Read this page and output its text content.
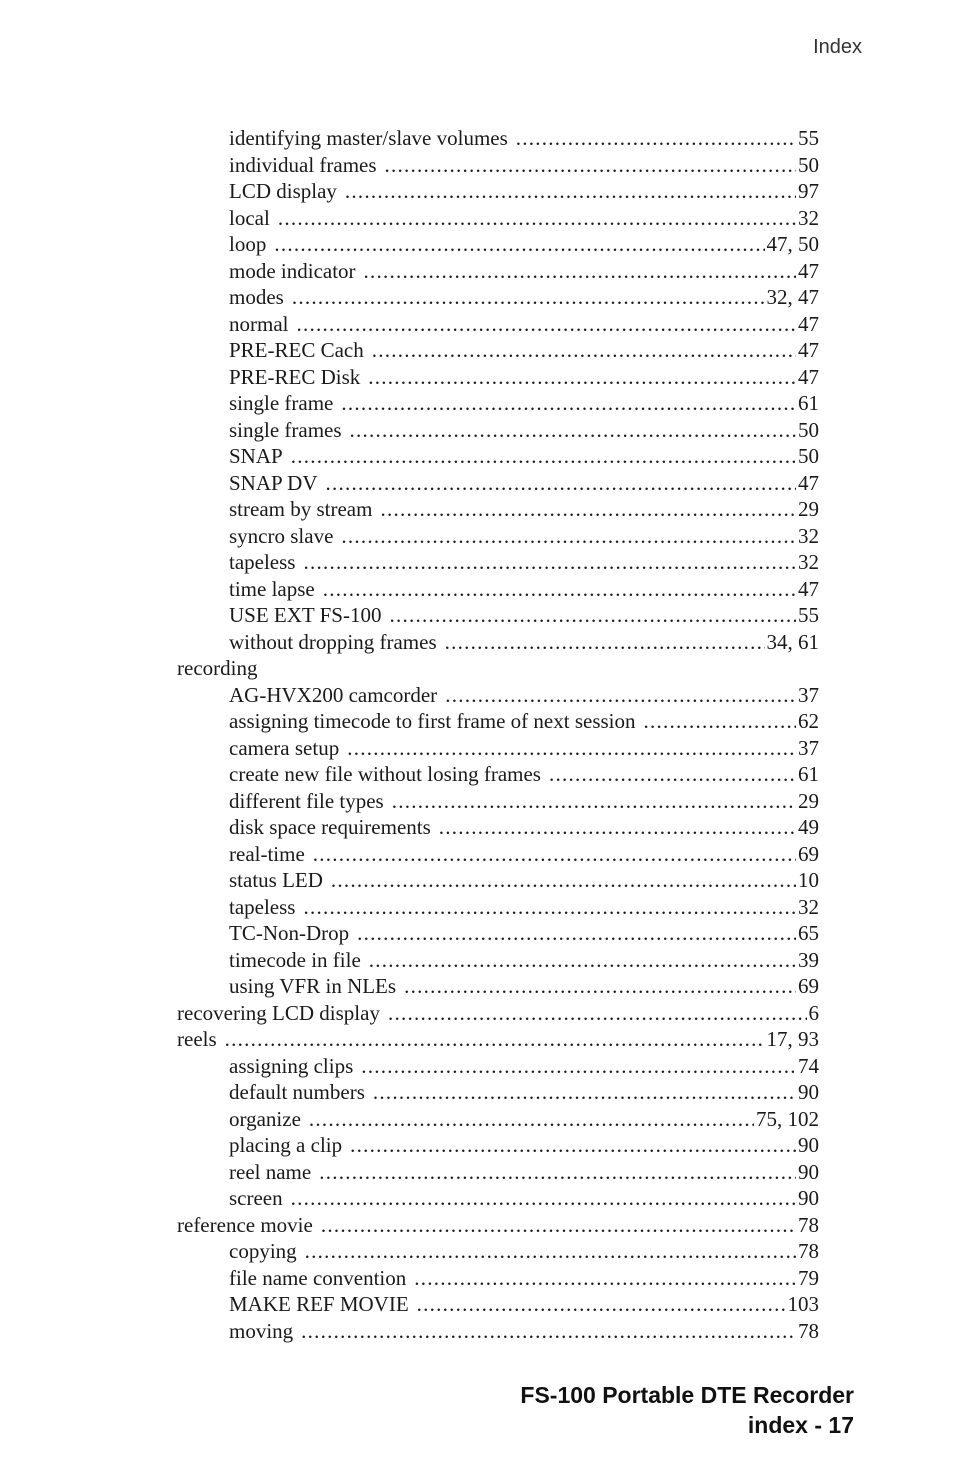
Index
identifying master/slave volumes . . .	55
individual frames . . .	50
LCD display . . .	97
local . . .	32
loop . . .	47, 50
mode indicator . . .	47
modes . . .	32, 47
normal . . .	47
PRE-REC Cach . . .	47
PRE-REC Disk . . .	47
single frame . . .	61
single frames . . .	50
SNAP . . .	50
SNAP DV . . .	47
stream by stream . . .	29
syncro slave . . .	32
tapeless . . .	32
time lapse . . .	47
USE EXT FS-100 . . .	55
without dropping frames . . .	34, 61
recording
AG-HVX200 camcorder . . .	37
assigning timecode to first frame of next session . . .	62
camera setup . . .	37
create new file without losing frames . . .	61
different file types . . .	29
disk space requirements . . .	49
real-time . . .	69
status LED . . .	10
tapeless . . .	32
TC-Non-Drop . . .	65
timecode in file . . .	39
using VFR in NLEs . . .	69
recovering LCD display . . .	6
reels . . .	17, 93
assigning clips . . .	74
default numbers . . .	90
organize . . .	75, 102
placing a clip . . .	90
reel name . . .	90
screen . . .	90
reference movie . . .	78
copying . . .	78
file name convention . . .	79
MAKE REF MOVIE . . .	103
moving . . .	78
FS-100 Portable DTE Recorder
index - 17
